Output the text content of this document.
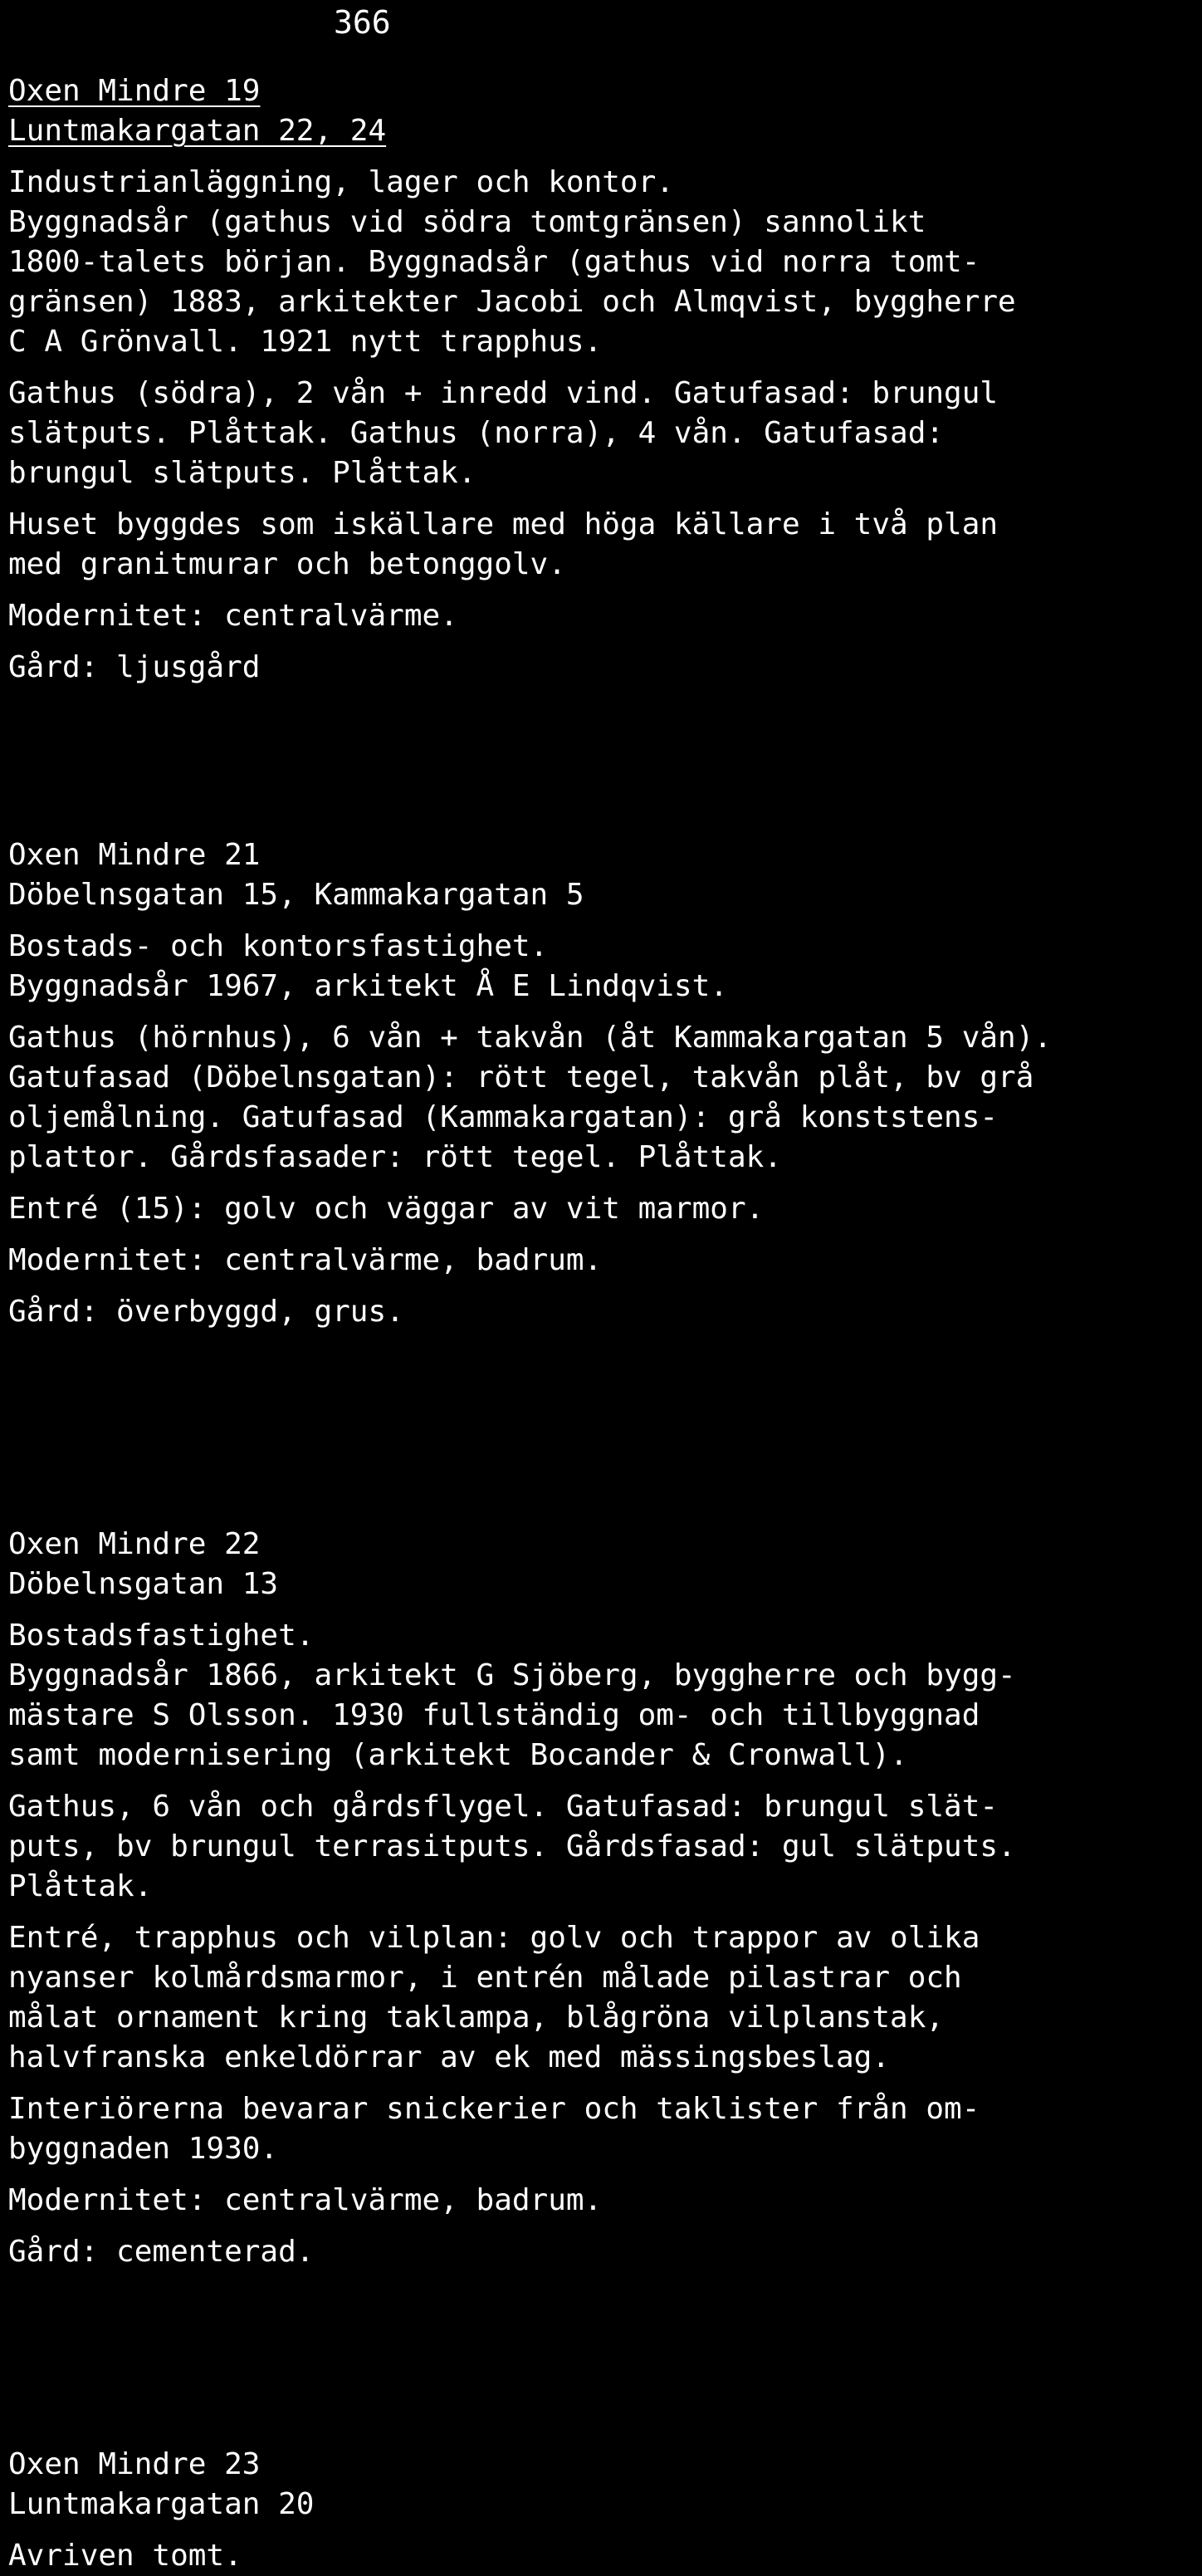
366
Oxen Mindre 19
Luntmakargatan 22, 24
Industrianläggning, lager och kontor.
Byggnadsår (gathus vid södra tomtgränsen) sannolikt
1800-talets början. Byggnadsår (gathus vid norra tomt-
gränsen) 1883, arkitekter Jacobi och Almqvist, byggherre
C A Grönvall. 1921 nytt trapphus.
Gathus (södra), 2 vån + inredd vind. Gatufasad: brungul
slätputs. Plåttak. Gathus (norra), 4 vån. Gatufasad:
brungul slätputs. Plåttak.
Huset byggdes som iskällare med höga källare i två plan
med granitmurar och betonggolv.
Modernitet: centralvärme.
Gård: ljusgård
Oxen Mindre 21
Döbelnsgatan 15, Kammakargatan 5
Bostads- och kontorsfastighet.
Byggnadsår 1967, arkitekt Å E Lindqvist.
Gathus (hörnhus), 6 vån + takvån (åt Kammakargatan 5 vån).
Gatufasad (Döbelnsgatan): rött tegel, takvån plåt, bv grå
oljemålning. Gatufasad (Kammakargatan): grå konststens-
plattor. Gårdsfasader: rött tegel. Plåttak.
Entré (15): golv och väggar av vit marmor.
Modernitet: centralvärme, badrum.
Gård: överbyggd, grus.
Oxen Mindre 22
Döbelnsgatan 13
Bostadsfastighet.
Byggnadsår 1866, arkitekt G Sjöberg, byggherre och bygg-
mästare S Olsson. 1930 fullständig om- och tillbyggnad
samt modernisering (arkitekt Bocander & Cronwall).
Gathus, 6 vån och gårdsflygel. Gatufasad: brungul slät-
puts, bv brungul terrasitputs. Gårdsfasad: gul slätputs.
Plåttak.
Entré, trapphus och vilplan: golv och trappor av olika
nyanser kolmårdsmarmor, i entrén målade pilastrar och
målat ornament kring taklampa, blågröna vilplanstak,
halvfranska enkeldörrar av ek med mässingsbeslag.
Interiörerna bevarar snickerier och taklister från om-
byggnaden 1930.
Modernitet: centralvärme, badrum.
Gård: cementerad.
Oxen Mindre 23
Luntmakargatan 20
Avriven tomt.
